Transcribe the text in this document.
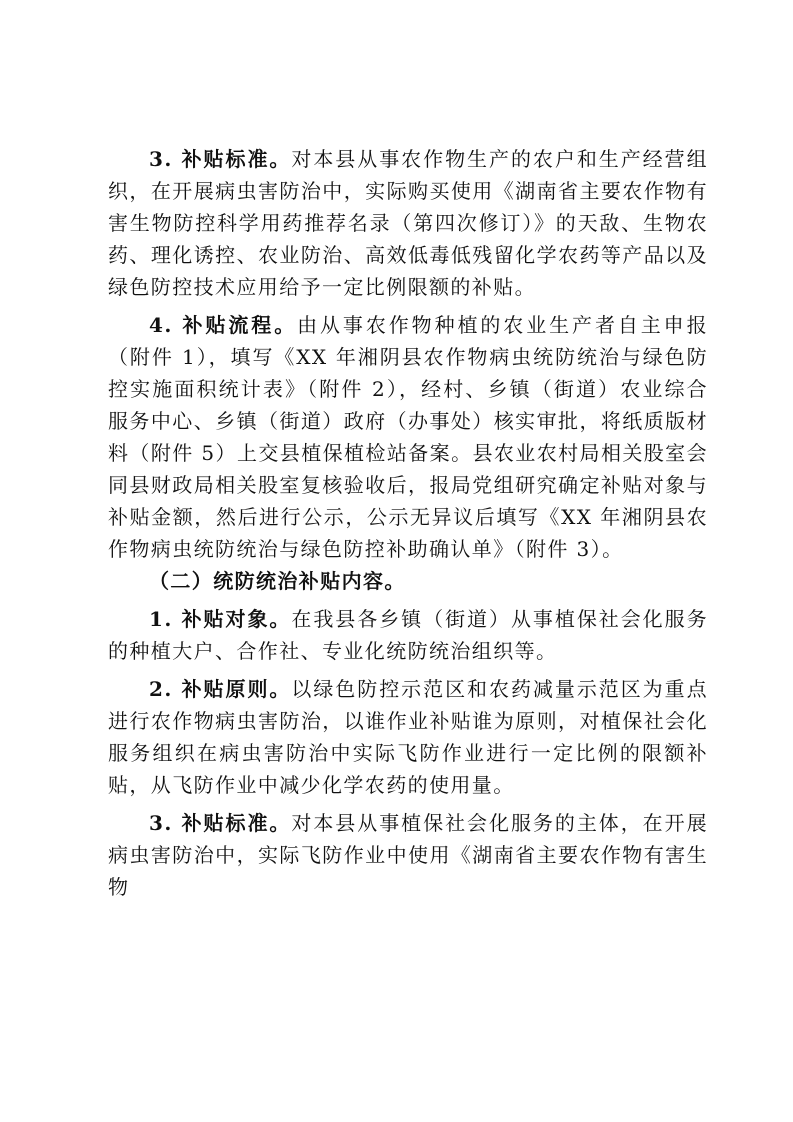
3. 补贴标准。对本县从事农作物生产的农户和生产经营组织，在开展病虫害防治中，实际购买使用《湖南省主要农作物有害生物防控科学用药推荐名录（第四次修订）》的天敌、生物农药、理化诱控、农业防治、高效低毒低残留化学农药等产品以及绿色防控技术应用给予一定比例限额的补贴。

4. 补贴流程。由从事农作物种植的农业生产者自主申报（附件 1），填写《XX 年湘阴县农作物病虫统防统治与绿色防控实施面积统计表》（附件 2），经村、乡镇（街道）农业综合服务中心、乡镇（街道）政府（办事处）核实审批，将纸质版材料（附件 5）上交县植保植检站备案。县农业农村局相关股室会同县财政局相关股室复核验收后，报局党组研究确定补贴对象与补贴金额，然后进行公示，公示无异议后填写《XX 年湘阴县农作物病虫统防统治与绿色防控补助确认单》（附件 3）。

（二）统防统治补贴内容。

1. 补贴对象。在我县各乡镇（街道）从事植保社会化服务的种植大户、合作社、专业化统防统治组织等。

2. 补贴原则。以绿色防控示范区和农药减量示范区为重点进行农作物病虫害防治，以谁作业补贴谁为原则，对植保社会化服务组织在病虫害防治中实际飞防作业进行一定比例的限额补贴，从飞防作业中减少化学农药的使用量。

3. 补贴标准。对本县从事植保社会化服务的主体，在开展病虫害防治中，实际飞防作业中使用《湖南省主要农作物有害生物
